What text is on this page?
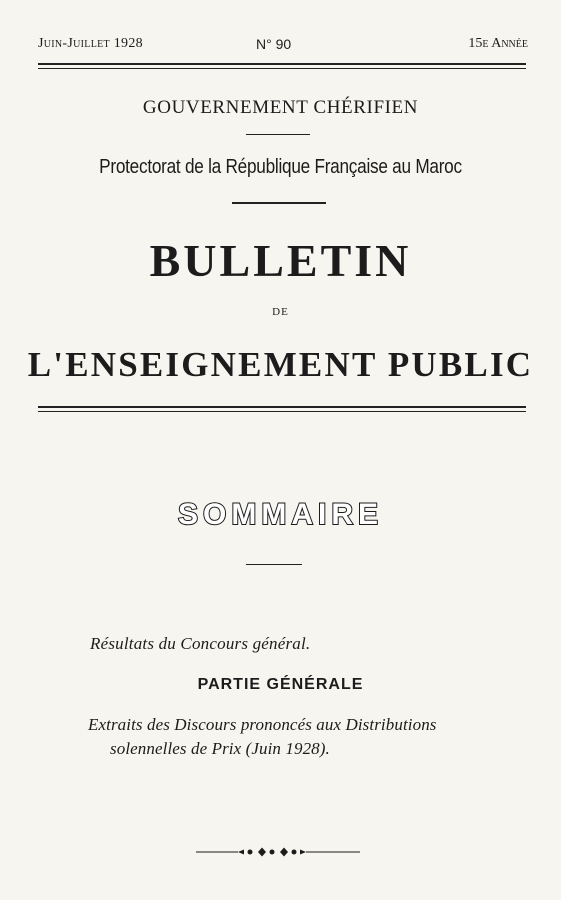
Juin-Juillet 1928	N° 90	15e Année
GOUVERNEMENT CHÉRIFIEN
Protectorat de la République Française au Maroc
BULLETIN
DE
L'ENSEIGNEMENT PUBLIC
SOMMAIRE
Résultats du Concours général.
PARTIE GÉNÉRALE
Extraits des Discours prononcés aux Distributions
solennelles de Prix (Juin 1928).
